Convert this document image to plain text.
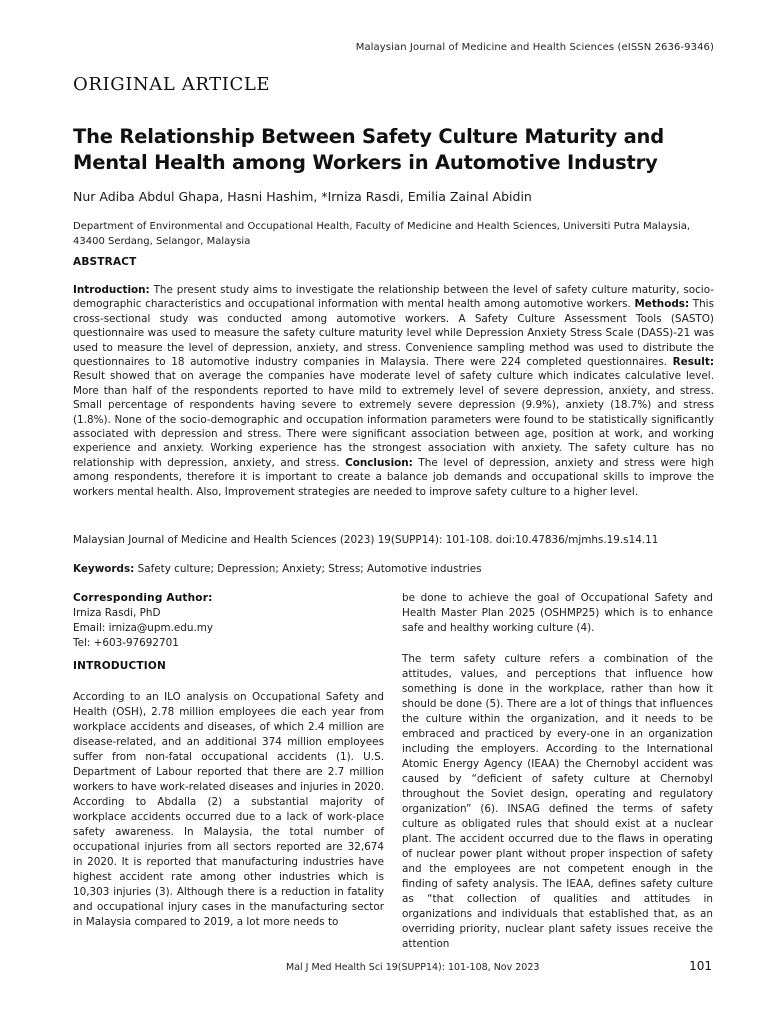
Malaysian Journal of Medicine and Health Sciences (eISSN 2636-9346)
ORIGINAL ARTICLE
The Relationship Between Safety Culture Maturity and Mental Health among Workers in Automotive Industry
Nur Adiba Abdul Ghapa, Hasni Hashim, *Irniza Rasdi, Emilia Zainal Abidin
Department of Environmental and Occupational Health, Faculty of Medicine and Health Sciences, Universiti Putra Malaysia, 43400 Serdang, Selangor, Malaysia
ABSTRACT
Introduction: The present study aims to investigate the relationship between the level of safety culture maturity, socio-demographic characteristics and occupational information with mental health among automotive workers. Methods: This cross-sectional study was conducted among automotive workers. A Safety Culture Assessment Tools (SASTO) questionnaire was used to measure the safety culture maturity level while Depression Anxiety Stress Scale (DASS)-21 was used to measure the level of depression, anxiety, and stress. Convenience sampling method was used to distribute the questionnaires to 18 automotive industry companies in Malaysia. There were 224 completed questionnaires. Result: Result showed that on average the companies have moderate level of safety culture which indicates calculative level. More than half of the respondents reported to have mild to extremely level of severe depression, anxiety, and stress. Small percentage of respondents having severe to extremely severe depression (9.9%), anxiety (18.7%) and stress (1.8%). None of the socio-demographic and occupation information parameters were found to be statistically significantly associated with depression and stress. There were significant association between age, position at work, and working experience and anxiety. Working experience has the strongest association with anxiety. The safety culture has no relationship with depression, anxiety, and stress. Conclusion: The level of depression, anxiety and stress were high among respondents, therefore it is important to create a balance job demands and occupational skills to improve the workers mental health. Also, Improvement strategies are needed to improve safety culture to a higher level.
Malaysian Journal of Medicine and Health Sciences (2023) 19(SUPP14): 101-108. doi:10.47836/mjmhs.19.s14.11
Keywords: Safety culture; Depression; Anxiety; Stress; Automotive industries
Corresponding Author:
Irniza Rasdi, PhD
Email: irniza@upm.edu.my
Tel: +603-97692701
INTRODUCTION

According to an ILO analysis on Occupational Safety and Health (OSH), 2.78 million employees die each year from workplace accidents and diseases, of which 2.4 million are disease-related, and an additional 374 million employees suffer from non-fatal occupational accidents (1). U.S. Department of Labour reported that there are 2.7 million workers to have work-related diseases and injuries in 2020. According to Abdalla (2) a substantial majority of workplace accidents occurred due to a lack of work-place safety awareness. In Malaysia, the total number of occupational injuries from all sectors reported are 32,674 in 2020. It is reported that manufacturing industries have highest accident rate among other industries which is 10,303 injuries (3). Although there is a reduction in fatality and occupational injury cases in the manufacturing sector in Malaysia compared to 2019, a lot more needs to

be done to achieve the goal of Occupational Safety and Health Master Plan 2025 (OSHMP25) which is to enhance safe and healthy working culture (4).

The term safety culture refers a combination of the attitudes, values, and perceptions that influence how something is done in the workplace, rather than how it should be done (5). There are a lot of things that influences the culture within the organization, and it needs to be embraced and practiced by every-one in an organization including the employers. According to the International Atomic Energy Agency (IEAA) the Chernobyl accident was caused by “deficient of safety culture at Chernobyl throughout the Soviet design, operating and regulatory organization” (6). INSAG defined the terms of safety culture as obligated rules that should exist at a nuclear plant. The accident occurred due to the flaws in operating of nuclear power plant without proper inspection of safety and the employees are not competent enough in the finding of safety analysis. The IEAA, defines safety culture as “that collection of qualities and attitudes in organizations and individuals that established that, as an overriding priority, nuclear plant safety issues receive the attention

Mal J Med Health Sci 19(SUPP14): 101-108, Nov 2023	101
